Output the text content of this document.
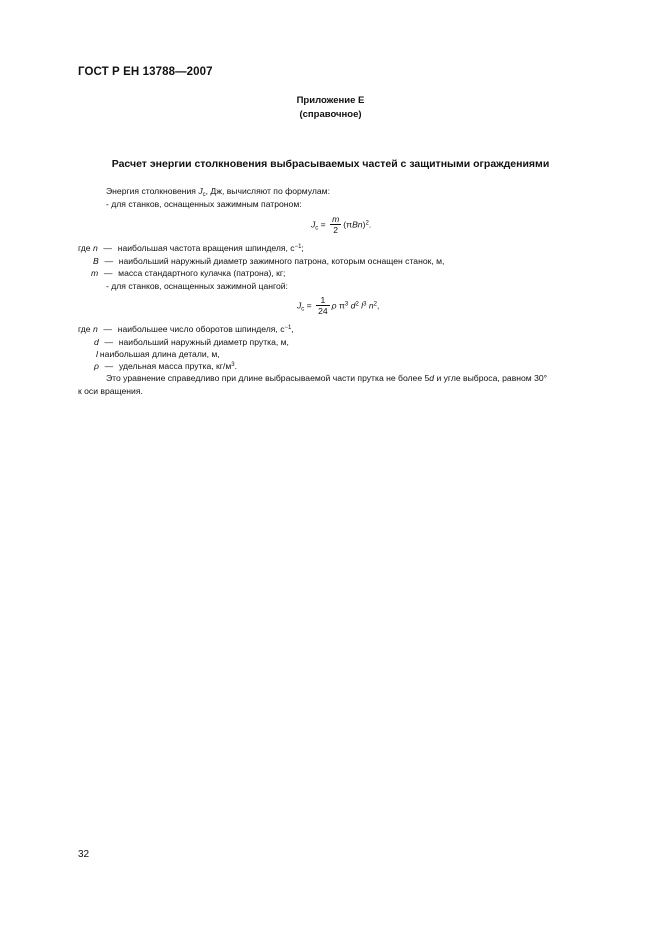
ГОСТ Р ЕН 13788—2007
Приложение Е
(справочное)
Расчет энергии столкновения выбрасываемых частей с защитными ограждениями
Энергия столкновения $J_c$, Дж, вычисляют по формулам:
- для станков, оснащенных зажимным патроном:
$J_c = \frac{m}{2} (\pi Bn)^2$.
где n — наибольшая частота вращения шпинделя, $с^{-1}$;
B — наибольший наружный диаметр зажимного патрона, которым оснащен станок, м,
m — масса стандартного кулачка (патрона), кг;
- для станков, оснащенных зажимной цангой:
$J_c = \frac{1}{24}$ ρ $\pi^3$ $d^2$ $l^3$ $n^2$,
где n — наибольшее число оборотов шпинделя, $с^{-1}$,
d — наибольший наружный диаметр прутка, м,
l наибольшая длина детали, м,
ρ — удельная масса прутка, $кг/м^3$.
Это уравнение справедливо при длине выбрасываемой части прутка не более 5d и угле выброса, равном 30°
к оси вращения.
32
